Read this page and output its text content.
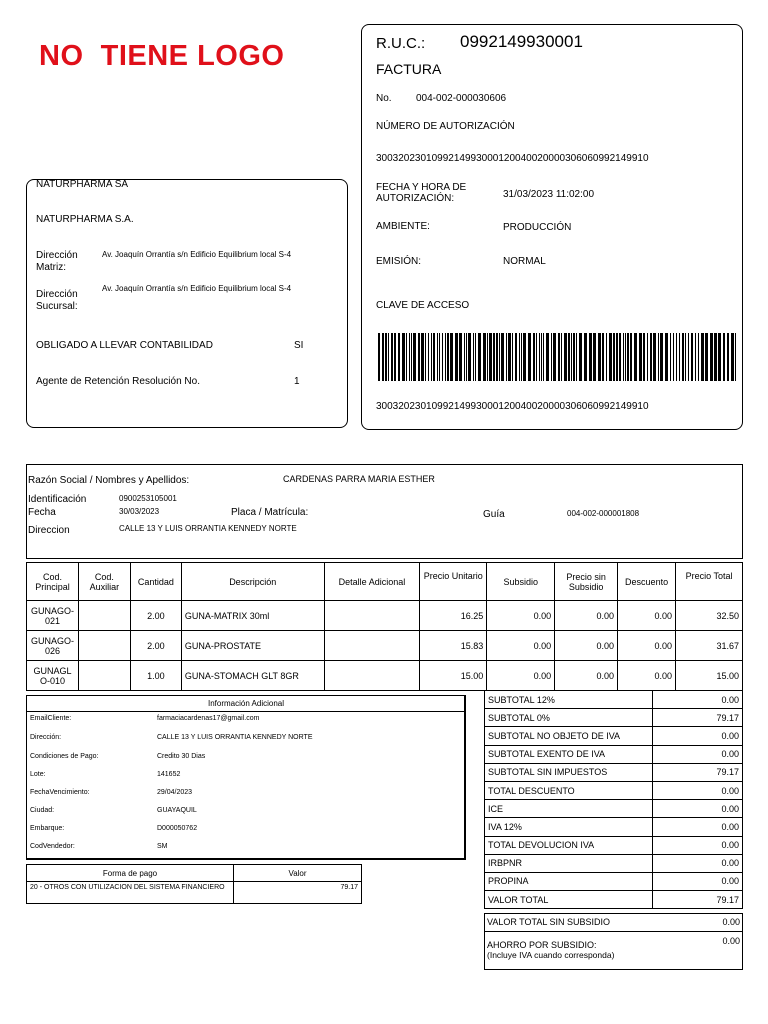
NO  TIENE LOGO	R.U.C.: 0992149930001
FACTURA
No. 004-002-000030606
NÚMERO DE AUTORIZACIÓN
3003202301099214993000120040020000306060992149910
FECHA Y HORA DE
AUTORIZACIÓN:	31/03/2023 11:02:00
AMBIENTE:	PRODUCCIÓN
EMISIÓN:	NORMAL
CLAVE DE ACCESO
3003202301099214993000120040020000306060992149910
NATURPHARMA SA
NATURPHARMA S.A.
Dirección
Matriz:
Av. Joaquín Orrantía s/n Edificio Equilibrium local S-4
Dirección
Sucursal:
Av. Joaquín Orrantía s/n Edificio Equilibrium local S-4
OBLIGADO A LLEVAR CONTABILIDAD	SI
Agente de Retención Resolución No.	1
Razón Social / Nombres y Apellidos:	CARDENAS PARRA MARIA ESTHER
Identificación	0900253105001
Fecha	30/03/2023	Placa / Matrícula:	Guía	004-002-000001808
Direccion	CALLE 13 Y LUIS ORRANTIA KENNEDY NORTE
Cod. Principal	Cod. Auxiliar	Cantidad	Descripción	Detalle Adicional	Precio Unitario	Subsidio	Precio sin Subsidio	Descuento	Precio Total
GUNAGO-021		2.00	GUNA-MATRIX 30ml		16.25	0.00	0.00	0.00	32.50
GUNAGO-026		2.00	GUNA-PROSTATE		15.83	0.00	0.00	0.00	31.67
GUNAGLO-010		1.00	GUNA-STOMACH GLT 8GR		15.00	0.00	0.00	0.00	15.00
Información Adicional
EmailCliente:	farmaciacardenas17@gmail.com
Dirección:	CALLE 13 Y LUIS ORRANTIA KENNEDY NORTE
Condiciones de Pago:	Credito 30 Dias
Lote:	141652
FechaVencimiento:	29/04/2023
Ciudad:	GUAYAQUIL
Embarque:	D000050762
CodVendedor:	SM
Forma de pago	Valor
20 - OTROS CON UTILIZACION DEL SISTEMA FINANCIERO	79.17
SUBTOTAL 12%	0.00
SUBTOTAL 0%	79.17
SUBTOTAL NO OBJETO DE IVA	0.00
SUBTOTAL EXENTO DE IVA	0.00
SUBTOTAL SIN IMPUESTOS	79.17
TOTAL DESCUENTO	0.00
ICE	0.00
IVA 12%	0.00
TOTAL DEVOLUCION IVA	0.00
IRBPNR	0.00
PROPINA	0.00
VALOR TOTAL	79.17
VALOR TOTAL SIN SUBSIDIO	0.00
AHORRO POR SUBSIDIO:
(Incluye IVA cuando corresponda)
0.00
